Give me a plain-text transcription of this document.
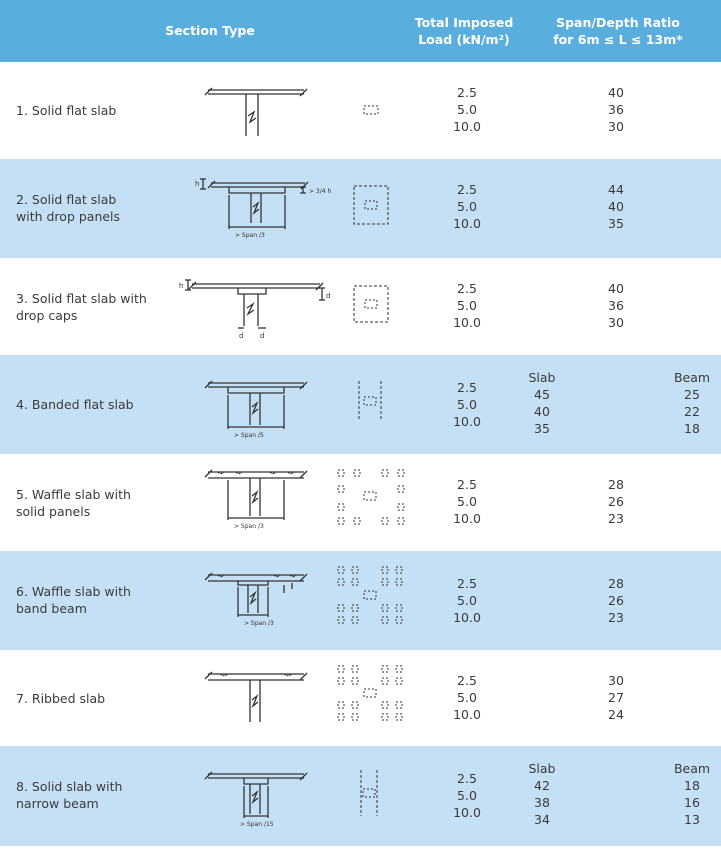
Section Type
Total Imposed
Load (kN/m²)
Span/Depth Ratio
for 6m ≤ L ≤ 13m*
1. Solid flat slab
2.5
5.0
10.0
40
36
30
2. Solid flat slab
with drop panels
h
> 3/4 h
> Span /3
2.5
5.0
10.0
44
40
35
3. Solid flat slab with
drop caps
h
d
d d
2.5
5.0
10.0
40
36
30
4. Banded flat slab
> Span /5
2.5
5.0
10.0
Slab
45
40
35
Beam
25
22
18
5. Waffle slab with
solid panels
> Span /3
2.5
5.0
10.0
28
26
23
6. Waffle slab with
band beam
> Span /3
2.5
5.0
10.0
28
26
23
7. Ribbed slab
2.5
5.0
10.0
30
27
24
8. Solid slab with
narrow beam
> Span /15
2.5
5.0
10.0
Slab
42
38
34
Beam
18
16
13
